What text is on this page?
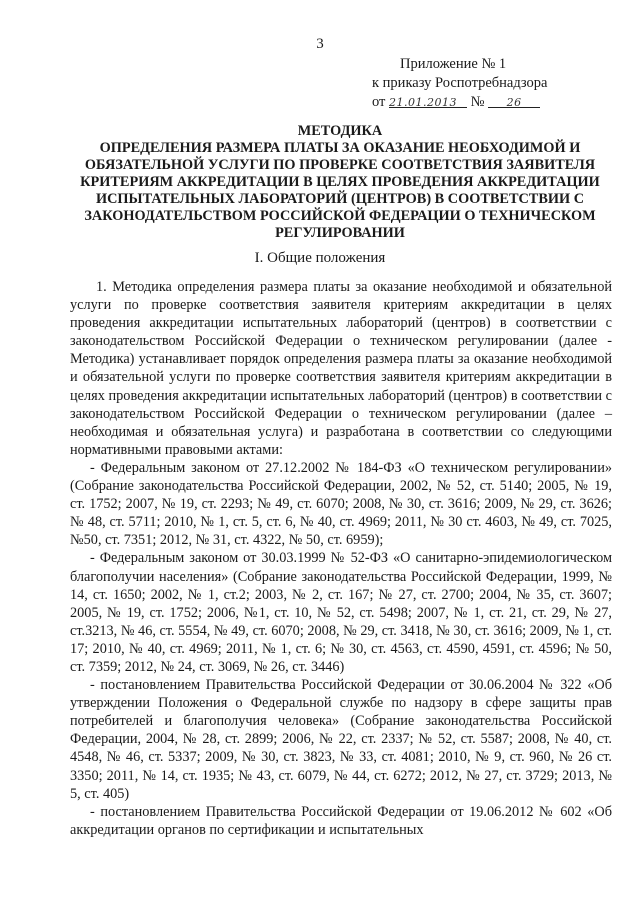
3
Приложение № 1
к приказу Роспотребнадзора
от 21.01.2013 № 26
МЕТОДИКА
ОПРЕДЕЛЕНИЯ РАЗМЕРА ПЛАТЫ ЗА ОКАЗАНИЕ НЕОБХОДИМОЙ И
ОБЯЗАТЕЛЬНОЙ УСЛУГИ ПО ПРОВЕРКЕ СООТВЕТСТВИЯ ЗАЯВИТЕЛЯ
КРИТЕРИЯМ АККРЕДИТАЦИИ В ЦЕЛЯХ ПРОВЕДЕНИЯ АККРЕДИТАЦИИ
ИСПЫТАТЕЛЬНЫХ ЛАБОРАТОРИЙ (ЦЕНТРОВ) В СООТВЕТСТВИИ С
ЗАКОНОДАТЕЛЬСТВОМ РОССИЙСКОЙ ФЕДЕРАЦИИ О ТЕХНИЧЕСКОМ
РЕГУЛИРОВАНИИ
I. Общие положения

1. Методика определения размера платы за оказание необходимой и обязательной услуги по проверке соответствия заявителя критериям аккредитации в целях проведения аккредитации испытательных лабораторий (центров) в соответствии с законодательством Российской Федерации о техническом регулировании (далее - Методика) устанавливает порядок определения размера платы за оказание необходимой и обязательной услуги по проверке соответствия заявителя критериям аккредитации в целях проведения аккредитации испытательных лабораторий (центров) в соответствии с законодательством Российской Федерации о техническом регулировании (далее – необходимая и обязательная услуга) и разработана в соответствии со следующими нормативными правовыми актами:

- Федеральным законом от 27.12.2002 № 184-ФЗ «О техническом регулировании» (Собрание законодательства Российской Федерации, 2002, № 52, ст. 5140; 2005, № 19, ст. 1752; 2007, № 19, ст. 2293; № 49, ст. 6070; 2008, № 30, ст. 3616; 2009, № 29, ст. 3626; № 48, ст. 5711; 2010, № 1, ст. 5, ст. 6, № 40, ст. 4969; 2011, № 30 ст. 4603, № 49, ст. 7025, №50, ст. 7351; 2012, № 31, ст. 4322, № 50, ст. 6959);

- Федеральным законом от 30.03.1999 № 52-ФЗ «О санитарно-эпидемиологическом благополучии населения» (Собрание законодательства Российской Федерации, 1999, № 14, ст. 1650; 2002, № 1, ст.2; 2003, № 2, ст. 167; № 27, ст. 2700; 2004, № 35, ст. 3607; 2005, № 19, ст. 1752; 2006, №1, ст. 10, № 52, ст. 5498; 2007, № 1, ст. 21, ст. 29, № 27, ст.3213, № 46, ст. 5554, № 49, ст. 6070; 2008, № 29, ст. 3418, № 30, ст. 3616; 2009, № 1, ст. 17; 2010, № 40, ст. 4969; 2011, № 1, ст. 6; № 30, ст. 4563, ст. 4590, 4591, ст. 4596; № 50, ст. 7359; 2012, № 24, ст. 3069, № 26, ст. 3446)

- постановлением Правительства Российской Федерации от 30.06.2004 № 322 «Об утверждении Положения о Федеральной службе по надзору в сфере защиты прав потребителей и благополучия человека» (Собрание законодательства Российской Федерации, 2004, № 28, ст. 2899; 2006, № 22, ст. 2337; № 52, ст. 5587; 2008, № 40, ст. 4548, № 46, ст. 5337; 2009, № 30, ст. 3823, № 33, ст. 4081; 2010, № 9, ст. 960, № 26 ст. 3350; 2011, № 14, ст. 1935; № 43, ст. 6079, № 44, ст. 6272; 2012, № 27, ст. 3729; 2013, № 5, ст. 405)

- постановлением Правительства Российской Федерации от 19.06.2012 № 602 «Об аккредитации органов по сертификации и испытательных
